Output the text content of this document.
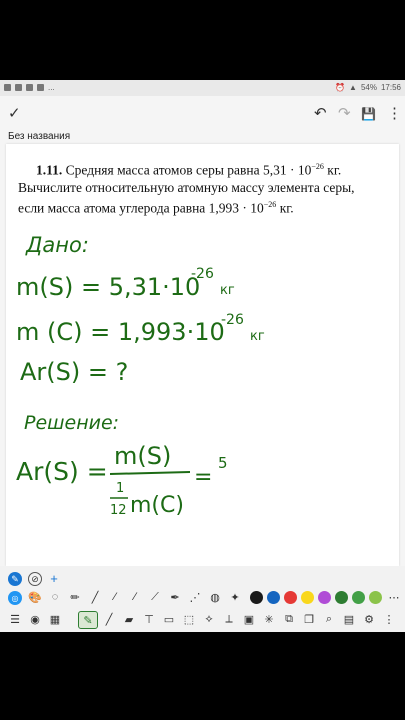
...	⏰ ▲ 54% 17:56
✓	↶ ↷ 💾 ⋮
Без названия
1.11. Средняя масса атомов серы равна $5,31 \cdot 10^{-26}$ кг.
Вычислите относительную атомную массу элемента серы,
если масса атома углерода равна $1,993 \cdot 10^{-26}$ кг.
Дано:
m(S) = 5,31·10
-26
кг
m (C) = 1,993·10
-26
кг
Ar(S) = ?
Решение:
Ar(S) =
m(S)
1
12 m(C)
=
5
✎	⊘ +
◎ 🎨 ◌	✏	╱	⁄	∕	⟋ ✒ ⋰ ◍ ✦	⋯
☰ ◉ ▦	✎	╱	▰ ⊤ ▭ ⬚	⟡	⟂	▣ ✳ ⧉ ❐	⌕	▤ ⚙ ⋮
